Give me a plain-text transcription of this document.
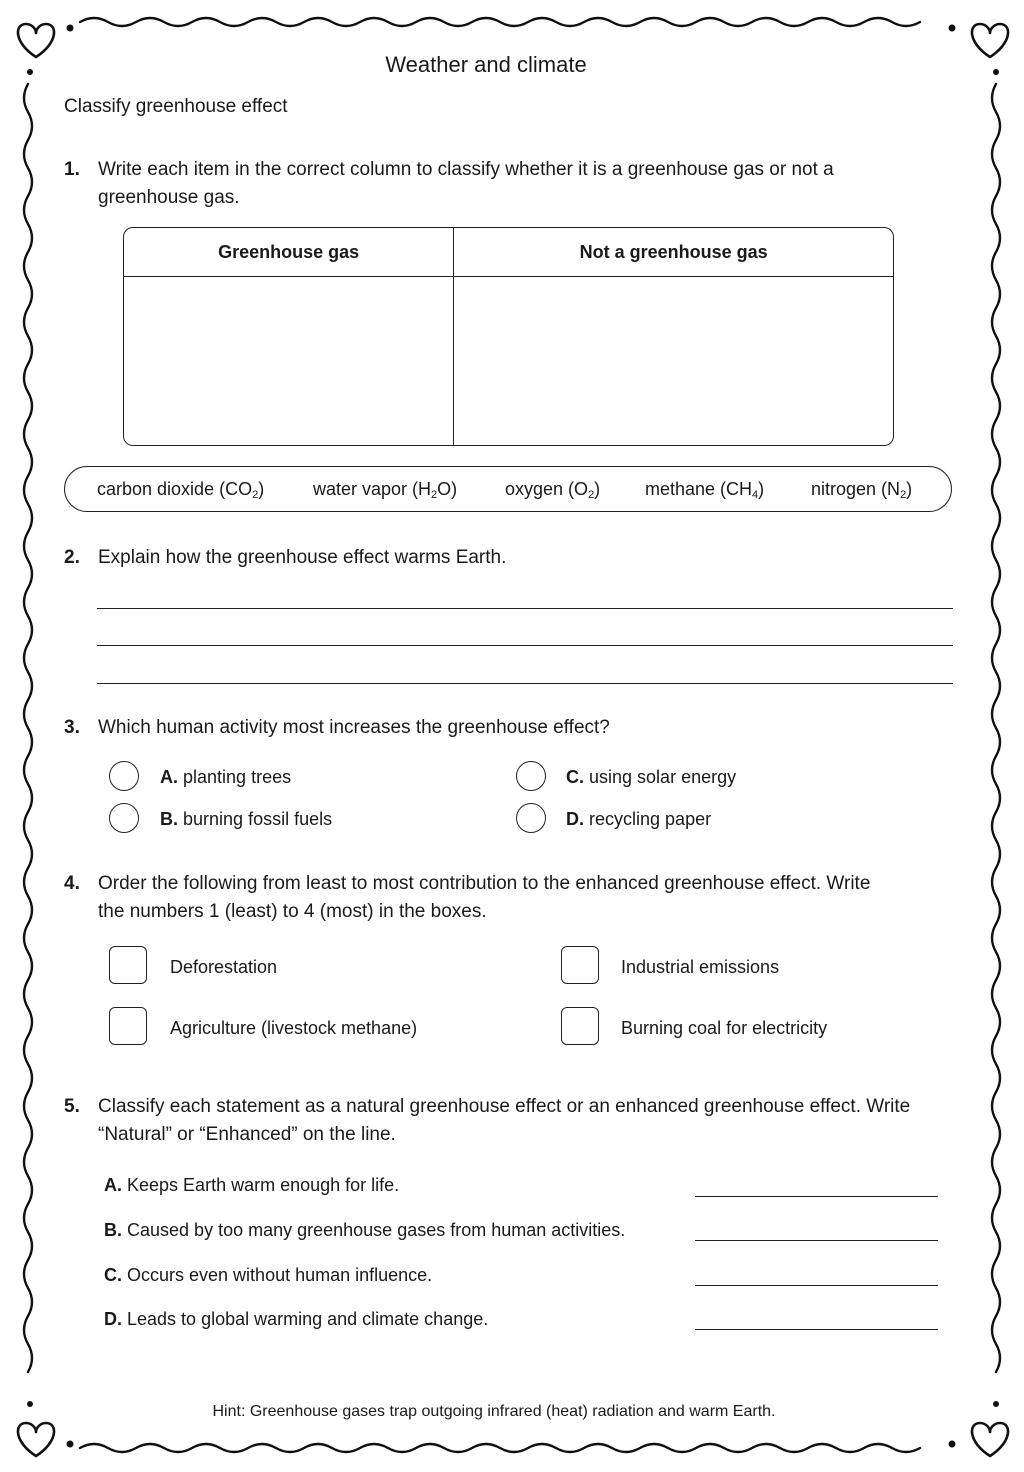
Weather and climate
Classify greenhouse effect
1. Write each item in the correct column to classify whether it is a greenhouse gas or not a greenhouse gas.
Greenhouse gas	Not a greenhouse gas

carbon dioxide $(CO_2)$	water vapor $(H_2O)$	oxygen $(O_2)$ methane $(CH_4)$	nitrogen $(N_2)$
2. Explain how the greenhouse effect warms Earth.
3. Which human activity most increases the greenhouse effect?
A. planting trees
B. burning fossil fuels
C. using solar energy
D. recycling paper
4. Order the following from least to most contribution to the enhanced greenhouse effect. Write the numbers 1 (least) to 4 (most) in the boxes.
Deforestation
Agriculture (livestock methane)
Industrial emissions
Burning coal for electricity
5. Classify each statement as a natural greenhouse effect or an enhanced greenhouse effect. Write “Natural” or “Enhanced” on the line.
A. Keeps Earth warm enough for life.
B. Caused by too many greenhouse gases from human activities.
C. Occurs even without human influence.
D. Leads to global warming and climate change.
Hint: Greenhouse gases trap outgoing infrared (heat) radiation and warm Earth.
